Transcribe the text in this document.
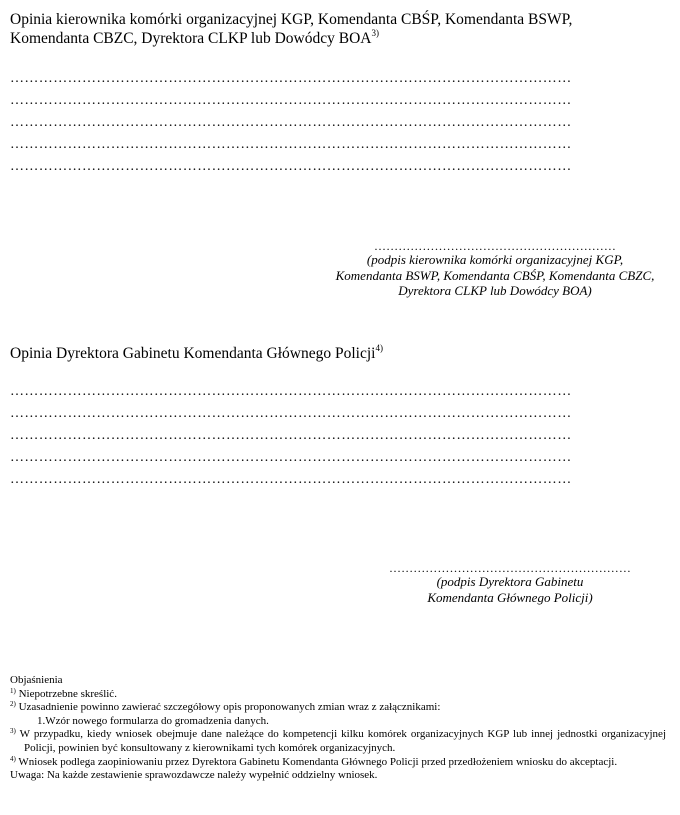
Opinia kierownika komórki organizacyjnej KGP, Komendanta CBŚP, Komendanta BSWP,
Komendanta CBZC, Dyrektora CLKP lub Dowódcy BOA$^{3)}$
………………………………………………………………………………………………………
………………………………………………………………………………………………………
………………………………………………………………………………………………………
………………………………………………………………………………………………………
………………………………………………………………………………………………………
……………………………………………………
(podpis kierownika komórki organizacyjnej KGP,
Komendanta BSWP, Komendanta CBŚP, Komendanta CBZC,
Dyrektora CLKP lub Dowódcy BOA)
Opinia Dyrektora Gabinetu Komendanta Głównego Policji$^{4)}$
………………………………………………………………………………………………………
………………………………………………………………………………………………………
………………………………………………………………………………………………………
………………………………………………………………………………………………………
………………………………………………………………………………………………………
……………………………………………………
(podpis Dyrektora Gabinetu
Komendanta Głównego Policji)

Objaśnienia

$^{1)}$ Niepotrzebne skreślić.

$^{2)}$ Uzasadnienie powinno zawierać szczegółowy opis proponowanych zmian wraz z załącznikami:

1.Wzór nowego formularza do gromadzenia danych.

$^{3)}$ W przypadku, kiedy wniosek obejmuje dane należące do kompetencji kilku komórek organizacyjnych KGP lub innej jednostki organizacyjnej Policji, powinien być konsultowany z kierownikami tych komórek organizacyjnych.

$^{4)}$ Wniosek podlega zaopiniowaniu przez Dyrektora Gabinetu Komendanta Głównego Policji przed przedłożeniem wniosku do akceptacji.

Uwaga: Na każde zestawienie sprawozdawcze należy wypełnić oddzielny wniosek.
